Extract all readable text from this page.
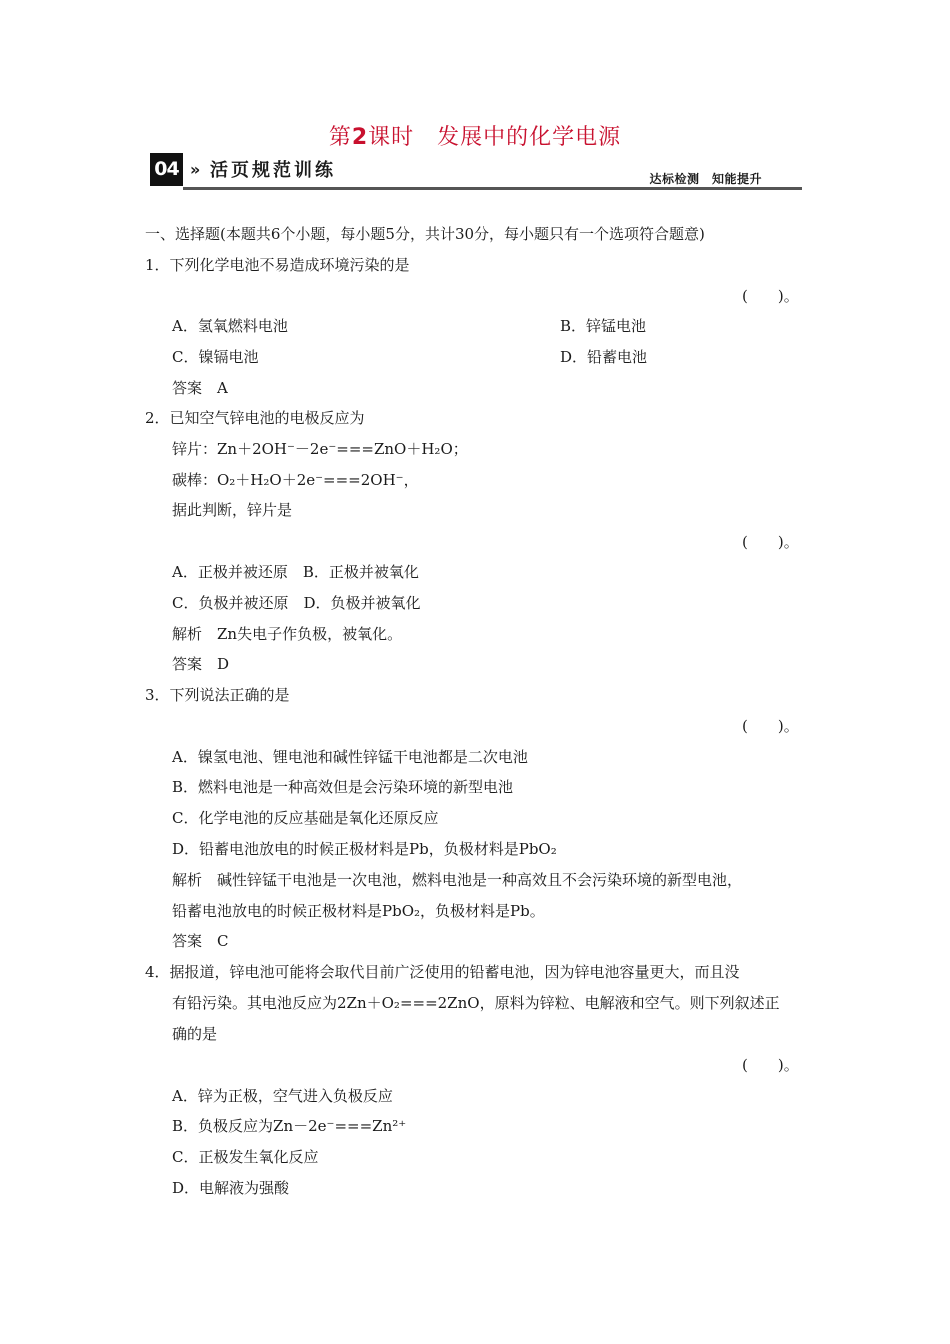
第2课时　发展中的化学电源
04 » 活页规范训练	达标检测　知能提升
一、选择题(本题共6个小题，每小题5分，共计30分，每小题只有一个选项符合题意)
1．下列化学电池不易造成环境污染的是
(　　)。
A．氢氧燃料电池	B．锌锰电池
C．镍镉电池	D．铅蓄电池
答案　A
2．已知空气锌电池的电极反应为
锌片：Zn＋2OH⁻－2e⁻===ZnO＋H₂O；
碳棒：O₂＋H₂O＋2e⁻===2OH⁻，
据此判断，锌片是
(　　)。
A．正极并被还原　B．正极并被氧化
C．负极并被还原　D．负极并被氧化
解析　Zn失电子作负极，被氧化。
答案　D
3．下列说法正确的是
(　　)。
A．镍氢电池、锂电池和碱性锌锰干电池都是二次电池
B．燃料电池是一种高效但是会污染环境的新型电池
C．化学电池的反应基础是氧化还原反应
D．铅蓄电池放电的时候正极材料是Pb，负极材料是PbO₂
解析　碱性锌锰干电池是一次电池，燃料电池是一种高效且不会污染环境的新型电池，
铅蓄电池放电的时候正极材料是PbO₂，负极材料是Pb。
答案　C
4．据报道，锌电池可能将会取代目前广泛使用的铅蓄电池，因为锌电池容量更大，而且没
有铅污染。其电池反应为2Zn＋O₂===2ZnO，原料为锌粒、电解液和空气。则下列叙述正
确的是
(　　)。
A．锌为正极，空气进入负极反应
B．负极反应为Zn－2e⁻===Zn²⁺
C．正极发生氧化反应
D．电解液为强酸
